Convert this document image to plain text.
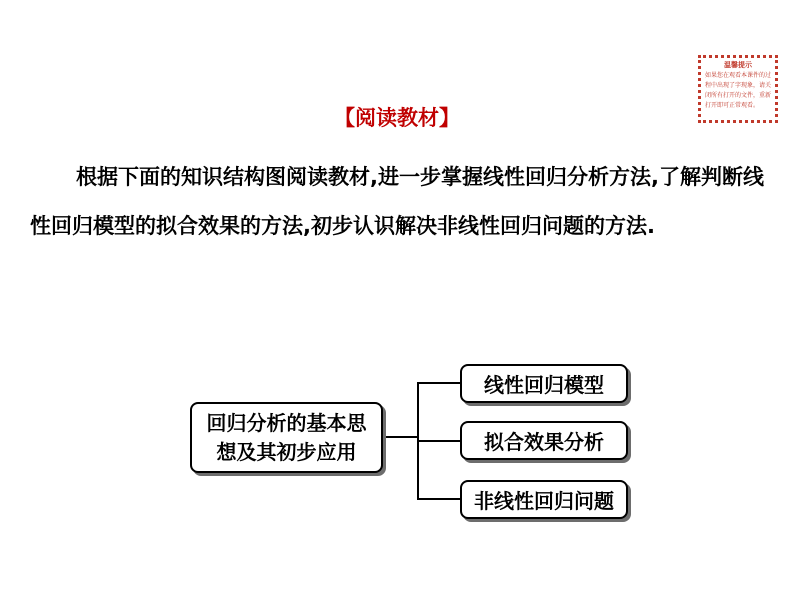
温馨提示
如果您在观看本课件的过程中出现了字现象，请关闭所有打开的文件，重新打开即可正常观看。
【阅读教材】
根据下面的知识结构图阅读教材,进一步掌握线性回归分析方法,了解判断线性回归模型的拟合效果的方法,初步认识解决非线性回归问题的方法.
回归分析的基本思想及其初步应用
线性回归模型
拟合效果分析
非线性回归问题
